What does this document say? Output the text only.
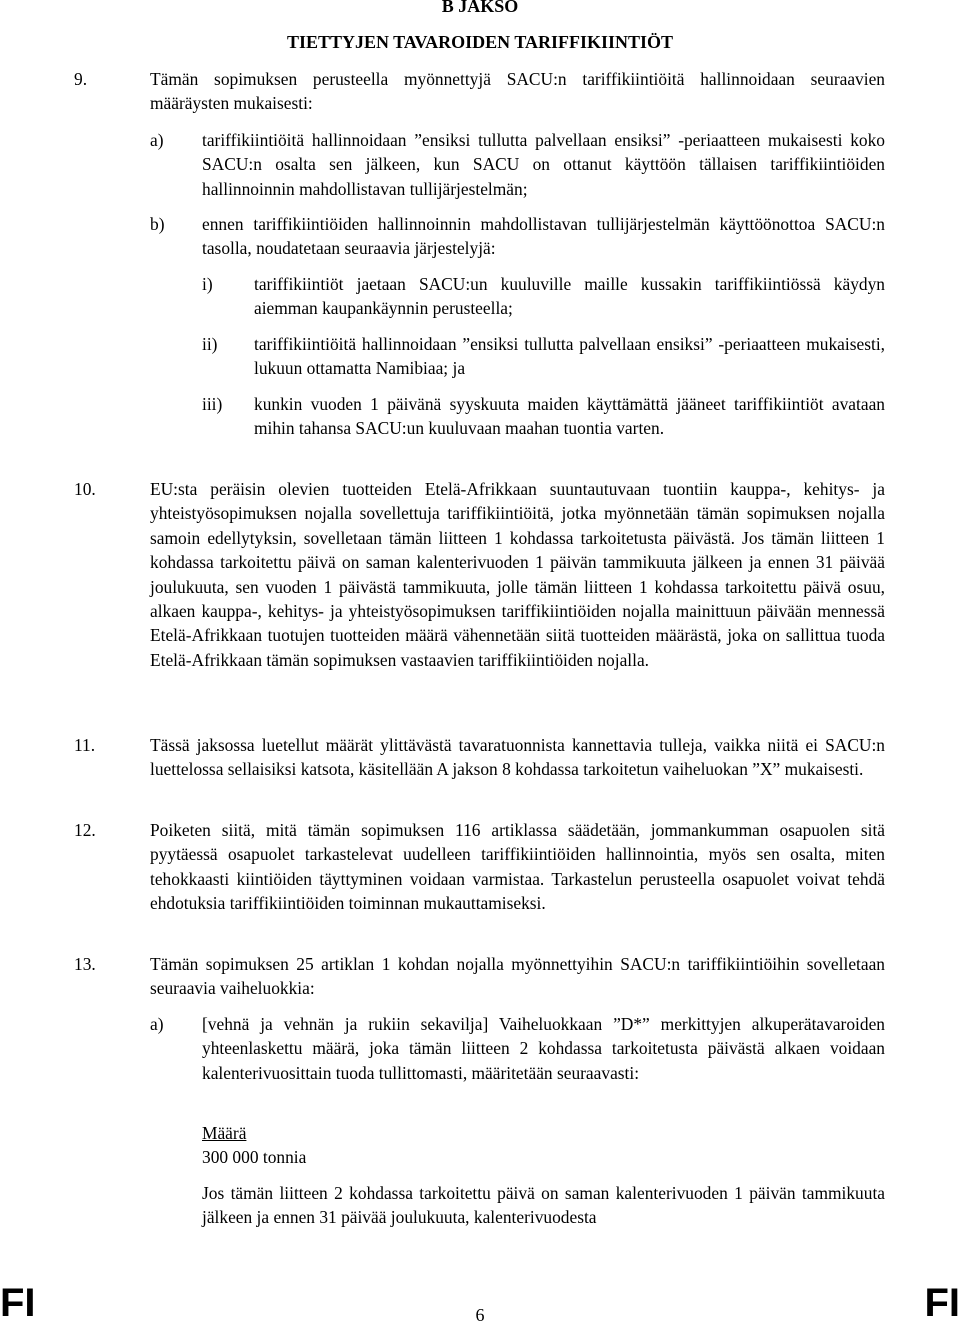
B JAKSO
TIETTYJEN TAVAROIDEN TARIFFIKIINTIÖT
9.	Tämän sopimuksen perusteella myönnettyjä SACU:n tariffikiintiöitä hallinnoidaan seuraavien määräysten mukaisesti:
a) tariffikiintiöitä hallinnoidaan ”ensiksi tullutta palvellaan ensiksi” -periaatteen mukaisesti koko SACU:n osalta sen jälkeen, kun SACU on ottanut käyttöön tällaisen tariffikiintiöiden hallinnoinnin mahdollistavan tullijärjestelmän;
b) ennen tariffikiintiöiden hallinnoinnin mahdollistavan tullijärjestelmän käyttöönottoa SACU:n tasolla, noudatetaan seuraavia järjestelyjä:
i) tariffikiintiöt jaetaan SACU:un kuuluville maille kussakin tariffikiintiössä käydyn aiemman kaupankäynnin perusteella;
ii) tariffikiintiöitä hallinnoidaan ”ensiksi tullutta palvellaan ensiksi” -periaatteen mukaisesti, lukuun ottamatta Namibiaa; ja
iii) kunkin vuoden 1 päivänä syyskuuta maiden käyttämättä jääneet tariffikiintiöt avataan mihin tahansa SACU:un kuuluvaan maahan tuontia varten.
10.	EU:sta peräisin olevien tuotteiden Etelä-Afrikkaan suuntautuvaan tuontiin kauppa-, kehitys- ja yhteistyösopimuksen nojalla sovellettuja tariffikiintiöitä, jotka myönnetään tämän sopimuksen nojalla samoin edellytyksin, sovelletaan tämän liitteen 1 kohdassa tarkoitetusta päivästä. Jos tämän liitteen 1 kohdassa tarkoitettu päivä on saman kalenterivuoden 1 päivän tammikuuta jälkeen ja ennen 31 päivää joulukuuta, sen vuoden 1 päivästä tammikuuta, jolle tämän liitteen 1 kohdassa tarkoitettu päivä osuu, alkaen kauppa-, kehitys- ja yhteistyösopimuksen tariffikiintiöiden nojalla mainittuun päivään mennessä Etelä-Afrikkaan tuotujen tuotteiden määrä vähennetään siitä tuotteiden määrästä, joka on sallittua tuoda Etelä-Afrikkaan tämän sopimuksen vastaavien tariffikiintiöiden nojalla.
11.	Tässä jaksossa luetellut määrät ylittävästä tavaratuonnista kannettavia tulleja, vaikka niitä ei SACU:n luettelossa sellaisiksi katsota, käsitellään A jakson 8 kohdassa tarkoitetun vaiheluokan ”X” mukaisesti.
12.	Poiketen siitä, mitä tämän sopimuksen 116 artiklassa säädetään, jommankumman osapuolen sitä pyytäessä osapuolet tarkastelevat uudelleen tariffikiintiöiden hallinnointia, myös sen osalta, miten tehokkaasti kiintiöiden täyttyminen voidaan varmistaa. Tarkastelun perusteella osapuolet voivat tehdä ehdotuksia tariffikiintiöiden toiminnan mukauttamiseksi.
13.	Tämän sopimuksen 25 artiklan 1 kohdan nojalla myönnettyihin SACU:n tariffikiintiöihin sovelletaan seuraavia vaiheluokkia:
a) [vehnä ja vehnän ja rukiin sekavilja] Vaiheluokkaan ”D*” merkittyjen alkuperätavaroiden yhteenlaskettu määrä, joka tämän liitteen 2 kohdassa tarkoitetusta päivästä alkaen voidaan kalenterivuosittain tuoda tullittomasti, määritetään seuraavasti:
Määrä
300 000 tonnia
Jos tämän liitteen 2 kohdassa tarkoitettu päivä on saman kalenterivuoden 1 päivän tammikuuta jälkeen ja ennen 31 päivää joulukuuta, kalenterivuodesta
FI	6	FI
